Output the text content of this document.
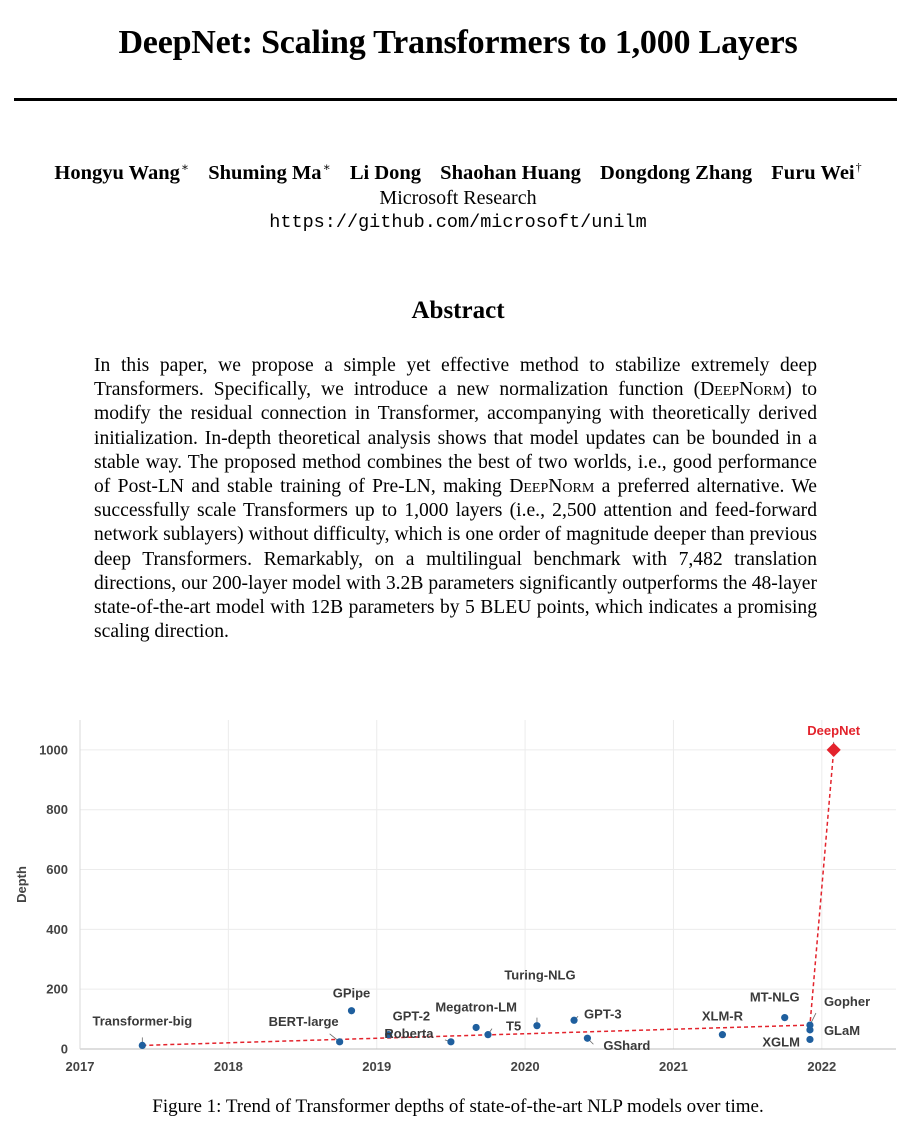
DeepNet: Scaling Transformers to 1,000 Layers
Hongyu Wang∗ Shuming Ma∗ Li Dong Shaohan Huang Dongdong Zhang Furu Wei†
Microsoft Research
https://github.com/microsoft/unilm
Abstract
In this paper, we propose a simple yet effective method to stabilize extremely deep Transformers. Specifically, we introduce a new normalization function (DeepNorm) to modify the residual connection in Transformer, accompanying with theoretically derived initialization. In-depth theoretical analysis shows that model updates can be bounded in a stable way. The proposed method combines the best of two worlds, i.e., good performance of Post-LN and stable training of Pre-LN, making DeepNorm a preferred alternative. We successfully scale Transformers up to 1,000 layers (i.e., 2,500 attention and feed-forward network sublayers) without difficulty, which is one order of magnitude deeper than previous deep Transformers. Remarkably, on a multilingual benchmark with 7,482 translation directions, our 200-layer model with 3.2B parameters significantly outperforms the 48-layer state-of-the-art model with 12B parameters by 5 BLEU points, which indicates a promising scaling direction.
0
200
400
600
800
1000
2017	2018	2019	2020	2021	2022
Depth
Transformer-big	BERT-large
GPipe
GPT-2
Roberta
Megatron-LM
T5
Turing-NLG
GPT-3
GShard
XLM-R
MT-NLG Gopher
GLaM
XGLM
DeepNet
Figure 1: Trend of Transformer depths of state-of-the-art NLP models over time.
